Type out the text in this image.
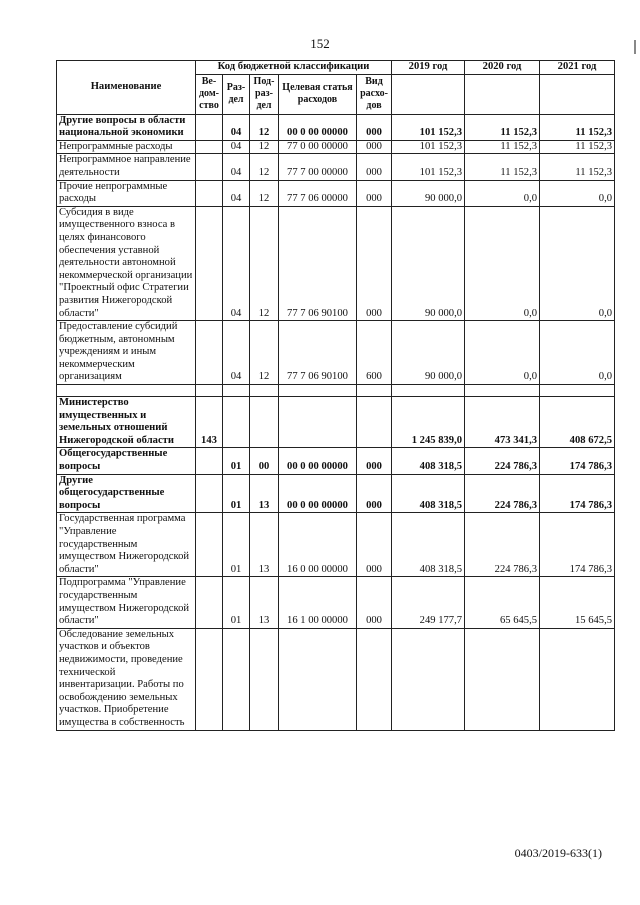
152
Наименование	Код бюджетной классификации					2019 год	2020 год	2021 год
	Ве-дом-ство	Раз-дел	Под-раз-дел	Целевая статья расходов	Вид расхо-дов			
Другие вопросы в области национальной экономики		04	12	00 0 00 00000	000	101 152,3	11 152,3	11 152,3
Непрограммные расходы		04	12	77 0 00 00000	000	101 152,3	11 152,3	11 152,3
Непрограммное направление деятельности		04	12	77 7 00 00000	000	101 152,3	11 152,3	11 152,3
Прочие непрограммные расходы		04	12	77 7 06 00000	000	90 000,0	0,0	0,0
Субсидия в виде имущественного взноса в целях финансового обеспечения уставной деятельности автономной некоммерческой организации "Проектный офис Стратегии развития Нижегородской области"		04	12	77 7 06 90100	000	90 000,0	0,0	0,0
Предоставление субсидий бюджетным, автономным учреждениям и иным некоммерческим организациям		04	12	77 7 06 90100	600	90 000,0	0,0	0,0

Министерство имущественных и земельных отношений Нижегородской области	143					1 245 839,0	473 341,3	408 672,5
Общегосударственные вопросы		01	00	00 0 00 00000	000	408 318,5	224 786,3	174 786,3
Другие общегосударственные вопросы		01	13	00 0 00 00000	000	408 318,5	224 786,3	174 786,3
Государственная программа "Управление государственным имуществом Нижегородской области"		01	13	16 0 00 00000	000	408 318,5	224 786,3	174 786,3
Подпрограмма "Управление государственным имуществом Нижегородской области"		01	13	16 1 00 00000	000	249 177,7	65 645,5	15 645,5
Обследование земельных участков и объектов недвижимости, проведение технической инвентаризации. Работы по освобождению земельных участков. Приобретение имущества в собственность								
0403/2019-633(1)
